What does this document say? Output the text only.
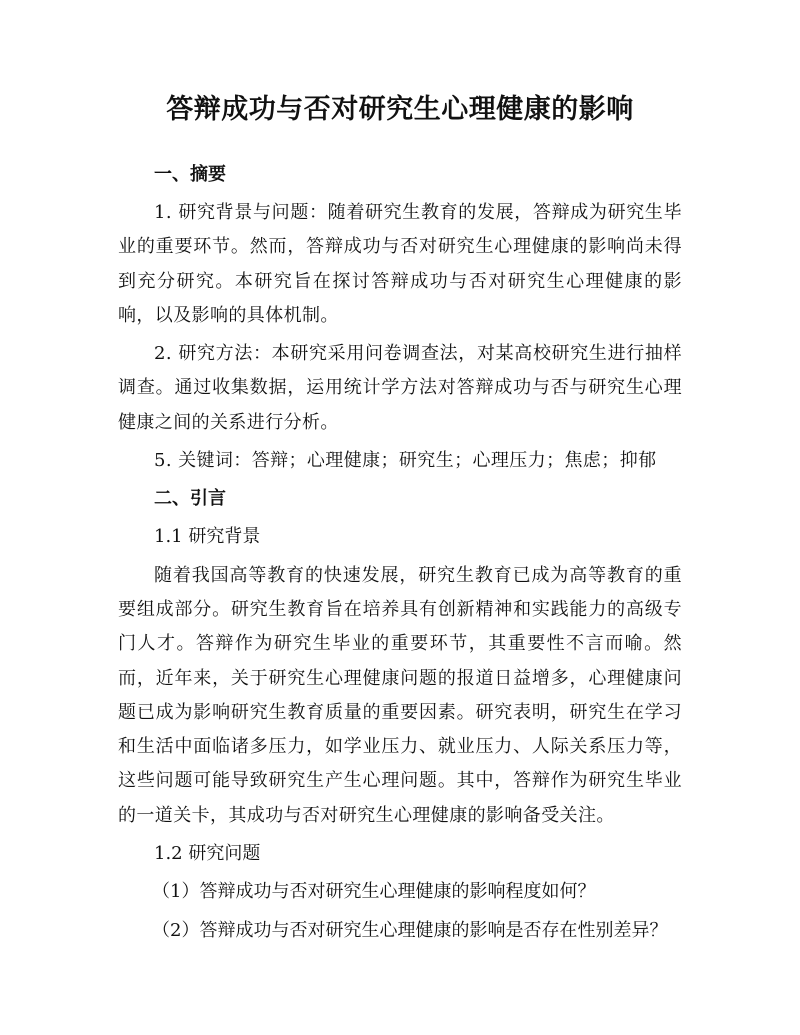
答辩成功与否对研究生心理健康的影响
一、摘要

1. 研究背景与问题：随着研究生教育的发展，答辩成为研究生毕业的重要环节。然而，答辩成功与否对研究生心理健康的影响尚未得到充分研究。本研究旨在探讨答辩成功与否对研究生心理健康的影响，以及影响的具体机制。

2. 研究方法：本研究采用问卷调查法，对某高校研究生进行抽样调查。通过收集数据，运用统计学方法对答辩成功与否与研究生心理健康之间的关系进行分析。

5. 关键词：答辩；心理健康；研究生；心理压力；焦虑；抑郁

二、引言
1.1 研究背景

随着我国高等教育的快速发展，研究生教育已成为高等教育的重要组成部分。研究生教育旨在培养具有创新精神和实践能力的高级专门人才。答辩作为研究生毕业的重要环节，其重要性不言而喻。然而，近年来，关于研究生心理健康问题的报道日益增多，心理健康问题已成为影响研究生教育质量的重要因素。研究表明，研究生在学习和生活中面临诸多压力，如学业压力、就业压力、人际关系压力等，这些问题可能导致研究生产生心理问题。其中，答辩作为研究生毕业的一道关卡，其成功与否对研究生心理健康的影响备受关注。

1.2 研究问题
（1）答辩成功与否对研究生心理健康的影响程度如何？
（2）答辩成功与否对研究生心理健康的影响是否存在性别差异？
